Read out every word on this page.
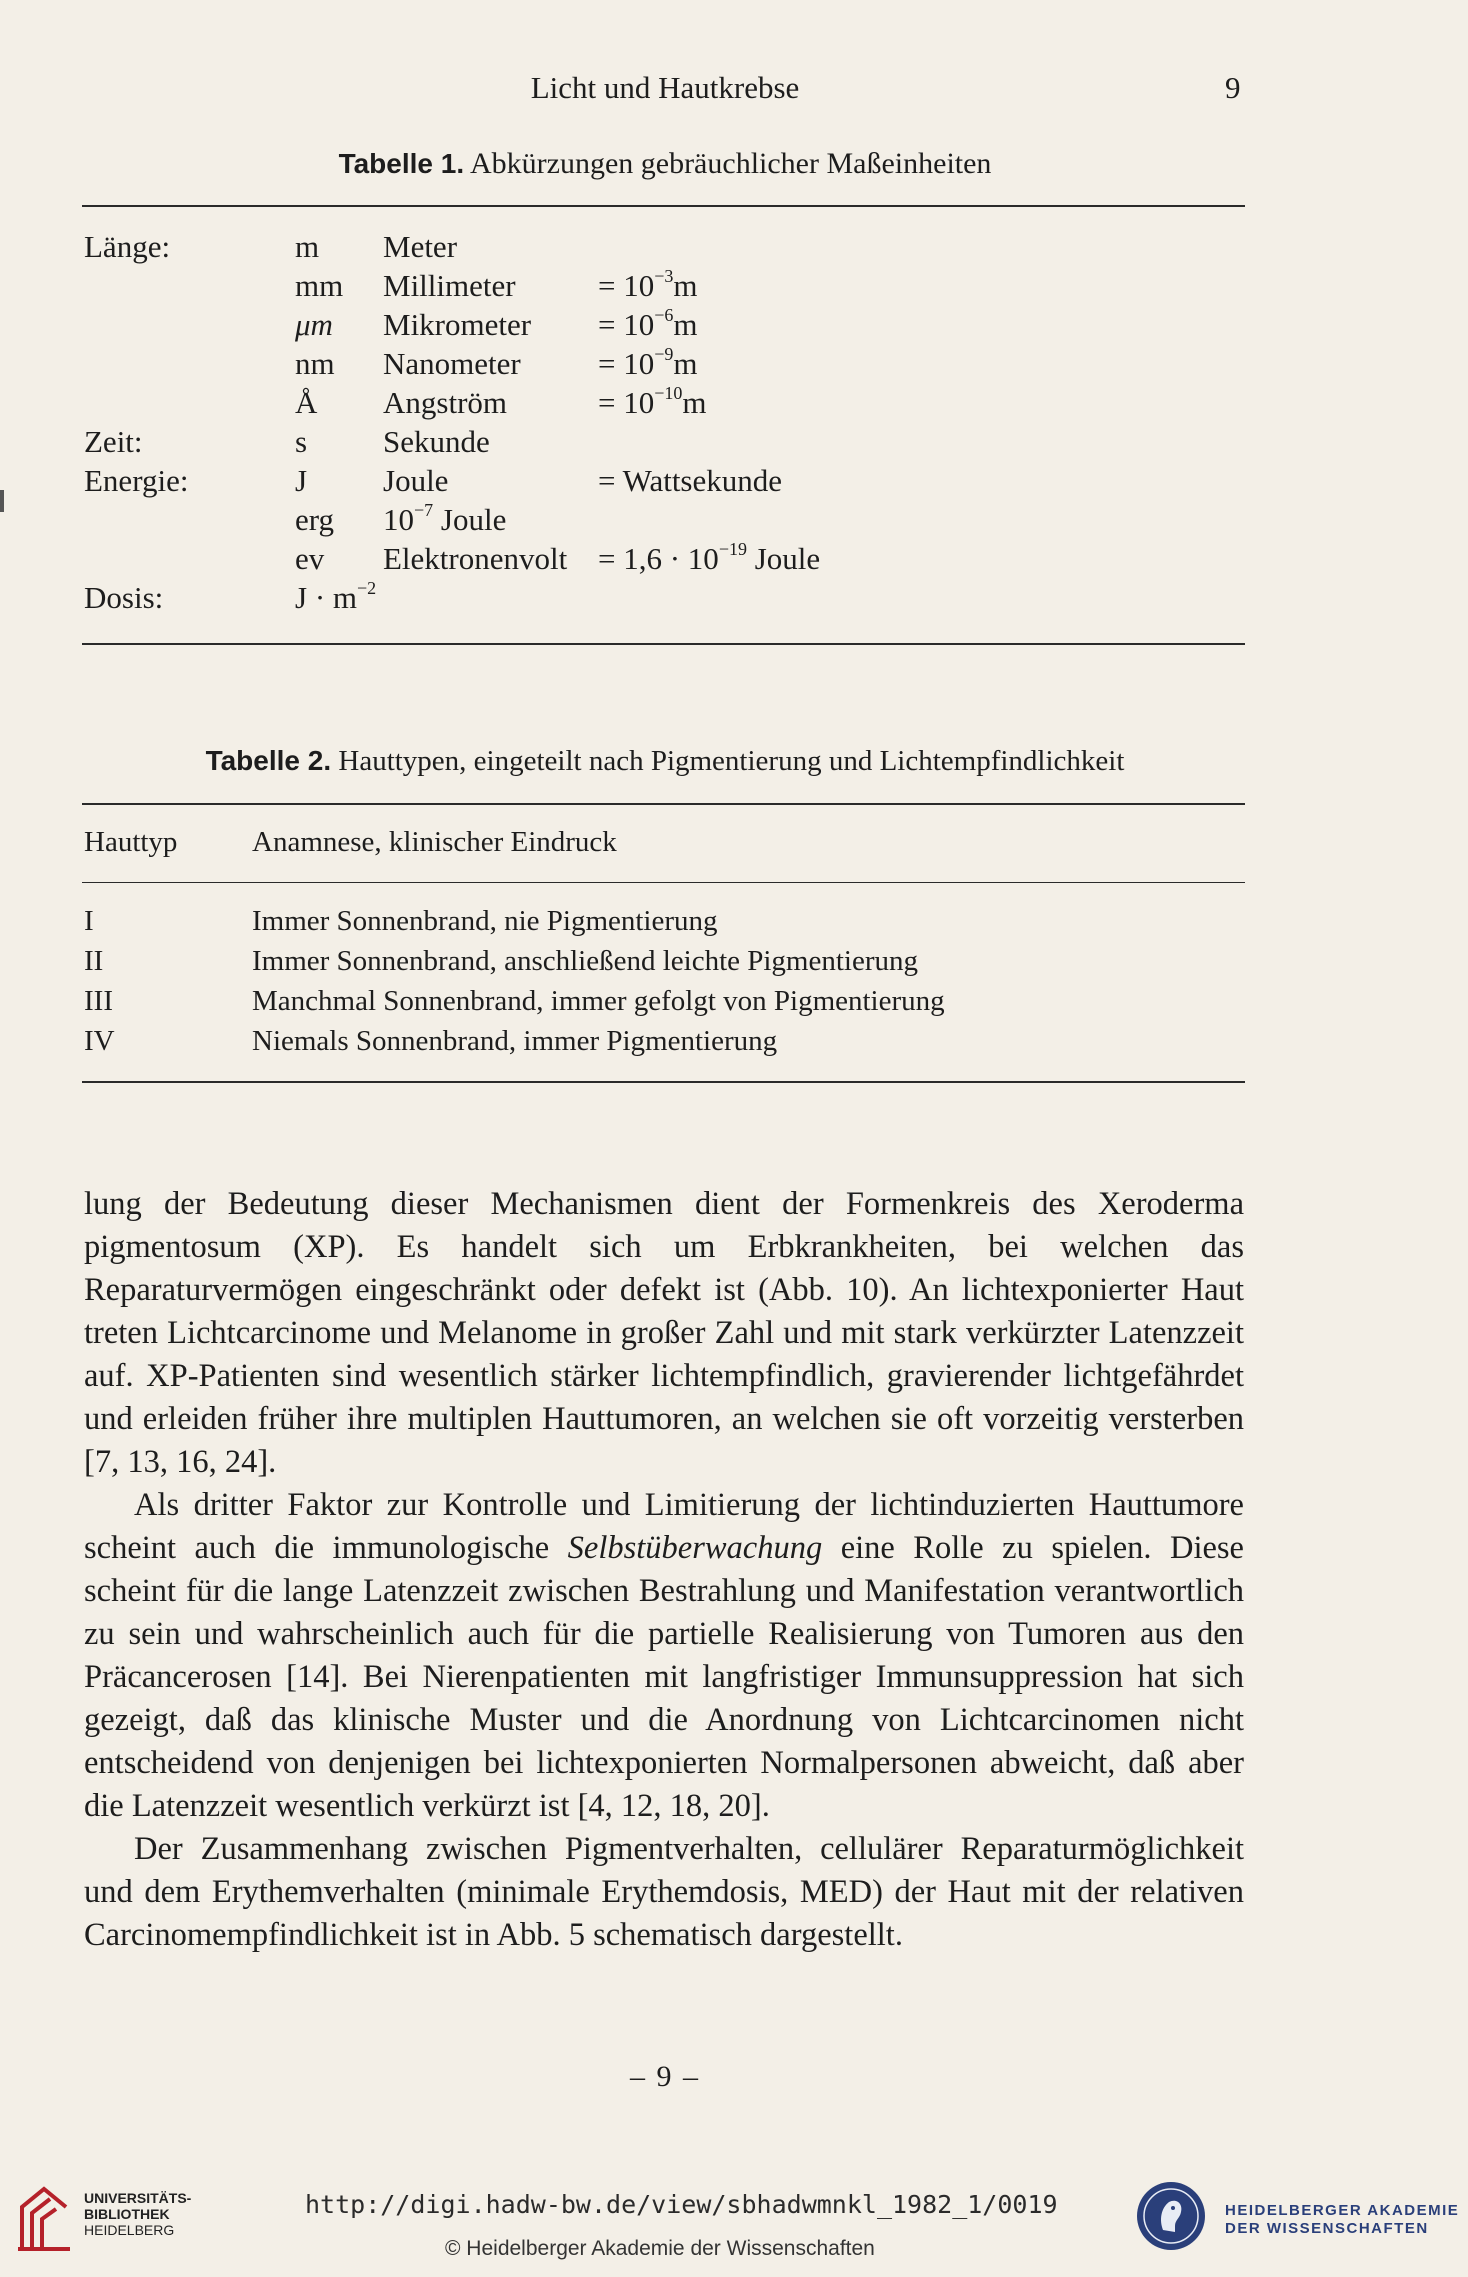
Licht und Hautkrebse	9
Tabelle 1. Abkürzungen gebräuchlicher Maßeinheiten
Länge:	m Meter
mm Millimeter	= $10^{-3}m$
μm Mikrometer = $10^{-6}m$
nm Nanometer = $10^{-9}m$
Å Angström	= $10^{-10}m$
Zeit:	s Sekunde
Energie:	J Joule	= Wattsekunde
erg $10^{-7}$ Joule
ev Elektronenvolt = $1,6 \cdot 10^{-19}$ Joule
Dosis:	$J \cdot m^{-2}$
Tabelle 2. Hauttypen, eingeteilt nach Pigmentierung und Lichtempfindlichkeit
Hauttyp	Anamnese, klinischer Eindruck
I	Immer Sonnenbrand, nie Pigmentierung
II	Immer Sonnenbrand, anschließend leichte Pigmentierung
III	Manchmal Sonnenbrand, immer gefolgt von Pigmentierung
IV	Niemals Sonnenbrand, immer Pigmentierung

lung der Bedeutung dieser Mechanismen dient der Formenkreis des Xeroderma pigmentosum (XP). Es handelt sich um Erbkrankheiten, bei welchen das Reparaturvermögen eingeschränkt oder defekt ist (Abb. 10). An lichtexponierter Haut treten Lichtcarcinome und Melanome in großer Zahl und mit stark verkürzter Latenzzeit auf. XP-Patienten sind wesentlich stärker lichtempfindlich, gravierender lichtgefährdet und erleiden früher ihre multiplen Hauttumoren, an welchen sie oft vorzeitig versterben [7, 13, 16, 24].

Als dritter Faktor zur Kontrolle und Limitierung der lichtinduzierten Hauttumore scheint auch die immunologische Selbstüberwachung eine Rolle zu spielen. Diese scheint für die lange Latenzzeit zwischen Bestrahlung und Manifestation verantwortlich zu sein und wahrscheinlich auch für die partielle Realisierung von Tumoren aus den Präcancerosen [14]. Bei Nierenpatienten mit langfristiger Immunsuppression hat sich gezeigt, daß das klinische Muster und die Anordnung von Lichtcarcinomen nicht entscheidend von denjenigen bei lichtexponierten Normalpersonen abweicht, daß aber die Latenzzeit wesentlich verkürzt ist [4, 12, 18, 20].

Der Zusammenhang zwischen Pigmentverhalten, cellulärer Reparaturmöglichkeit und dem Erythemverhalten (minimale Erythemdosis, MED) der Haut mit der relativen Carcinomempfindlichkeit ist in Abb. 5 schematisch dargestellt.

– 9 –
UNIVERSITÄTS-
BIBLIOTHEK
HEIDELBERG
http://digi.hadw-bw.de/view/sbhadwmnkl_1982_1/0019
© Heidelberger Akademie der Wissenschaften
HEIDELBERGER AKADEMIE
DER WISSENSCHAFTEN
